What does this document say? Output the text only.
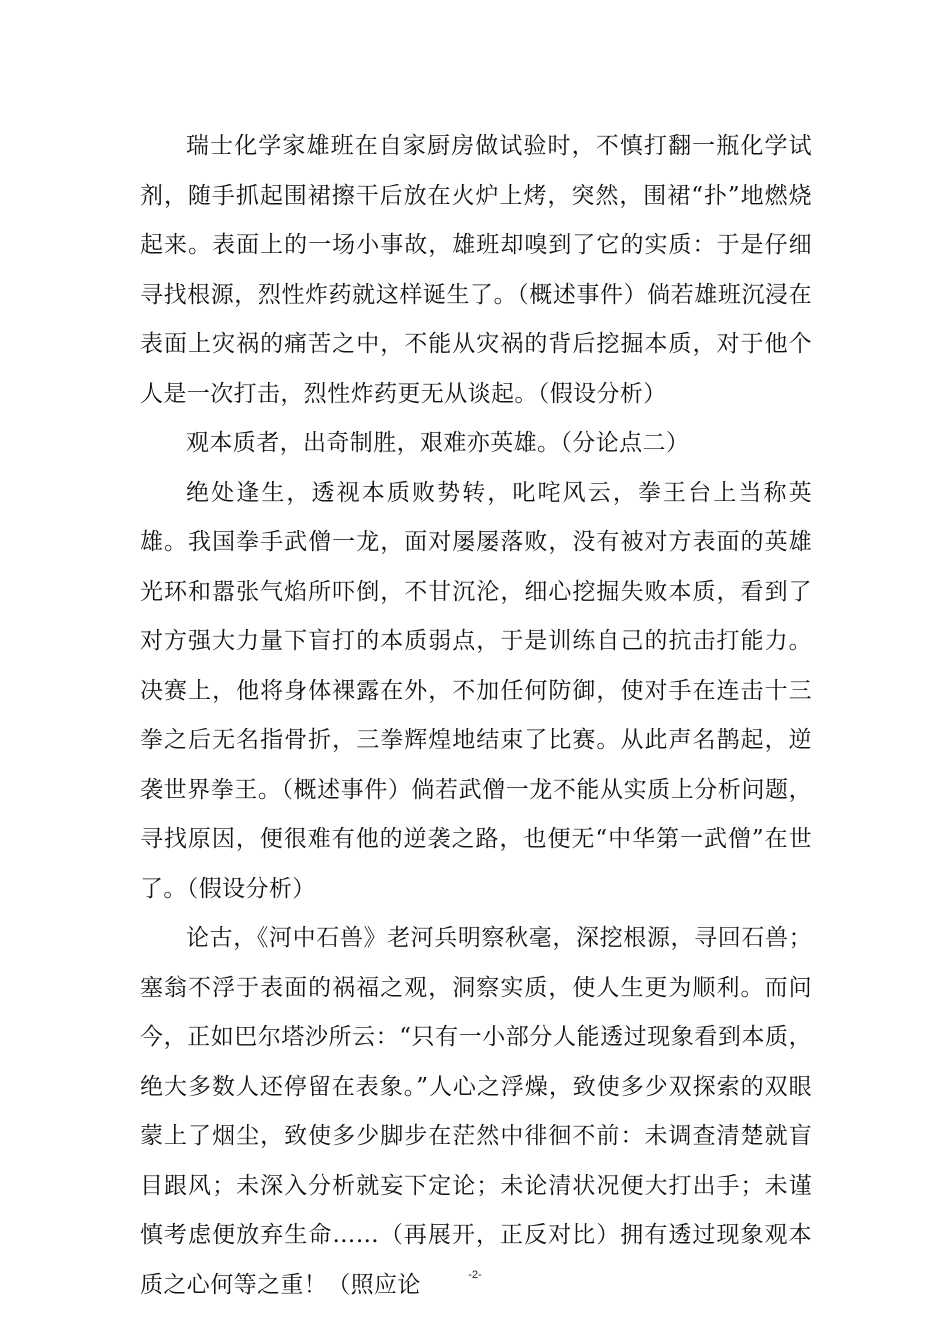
瑞士化学家雄班在自家厨房做试验时，不慎打翻一瓶化学试剂，随手抓起围裙擦干后放在火炉上烤，突然，围裙“扑”地燃烧起来。表面上的一场小事故，雄班却嗅到了它的实质：于是仔细寻找根源，烈性炸药就这样诞生了。（概述事件）倘若雄班沉浸在表面上灾祸的痛苦之中，不能从灾祸的背后挖掘本质，对于他个人是一次打击，烈性炸药更无从谈起。（假设分析）

观本质者，出奇制胜，艰难亦英雄。（分论点二）

绝处逢生，透视本质败势转，叱咤风云，拳王台上当称英雄。我国拳手武僧一龙，面对屡屡落败，没有被对方表面的英雄光环和嚣张气焰所吓倒，不甘沉沦，细心挖掘失败本质，看到了对方强大力量下盲打的本质弱点，于是训练自己的抗击打能力。决赛上，他将身体裸露在外，不加任何防御，使对手在连击十三拳之后无名指骨折，三拳辉煌地结束了比赛。从此声名鹊起，逆袭世界拳王。（概述事件）倘若武僧一龙不能从实质上分析问题，寻找原因，便很难有他的逆袭之路，也便无“中华第一武僧”在世了。（假设分析）

论古，《河中石兽》老河兵明察秋毫，深挖根源，寻回石兽；塞翁不浮于表面的祸福之观，洞察实质，使人生更为顺利。而问今，正如巴尔塔沙所云：“只有一小部分人能透过现象看到本质，绝大多数人还停留在表象。”人心之浮燥，致使多少双探索的双眼蒙上了烟尘，致使多少脚步在茫然中徘徊不前：未调查清楚就盲目跟风；未深入分析就妄下定论；未论清状况便大打出手；未谨慎考虑便放弃生命……（再展开，正反对比）拥有透过现象观本质之心何等之重！（照应论	-2-
